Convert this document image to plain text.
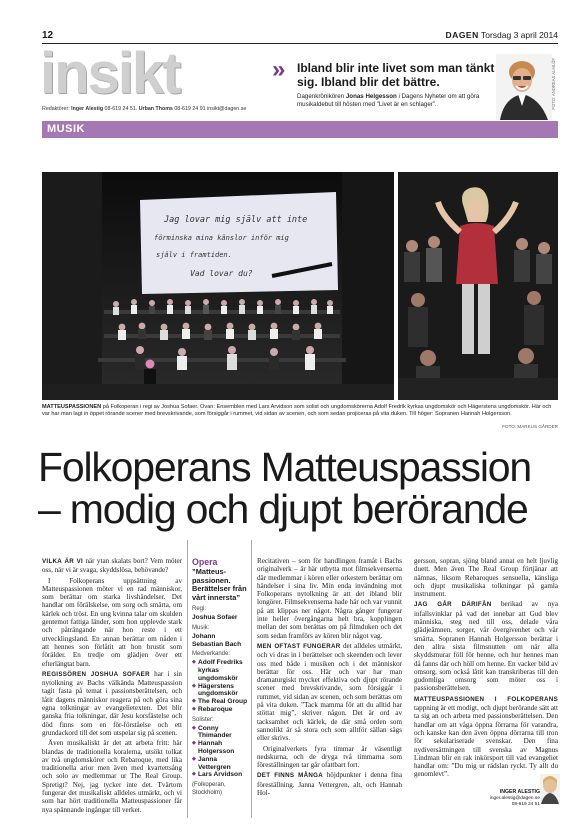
12	DAGEN Torsdag 3 april 2014
insikt
Redaktörer: Inger Alestig 08-619 24 51. Urban Thoms 08-619 24 91 insikt@dagen.se
» Ibland blir inte livet som man tänkt sig. Ibland blir det bättre.
Dagenkrönikören Jonas Helgesson i Dagens Nyheter om att göra musikaldebut till hösten med ”Livet är en schlager”.	FOTO: ANDREAS ALMLÖF
MUSIK
Jag lovar mig själv att inte
förminska mina känslor inför mig
själv i framtiden.
Vad lovar du?
MATTEUSPASSIONEN på Folkoperan i regi av Joshua Sofaer. Ovan: Ensemblen med Lars Arvidson som solist och ungdomskörerna Adolf Fredrik kyrkas ungdomskör och Hägerstens ungdomskör. Här och var har man lagt in öppet rörande scener med brevskrivande, som försiggår i rummet, vid sidan av scenen, och som sedan projiceras på vita duken. Till höger: Sopranen Hannah Holgersson.
FOTO: MARKUS GÅRDER
Folkoperans Matteuspassion
– modig och djupt berörande

VILKA ÄR VI när ytan skalats bort? Vem möter oss, när vi är svaga, skyddslösa, behövande?

I Folkoperans uppsättning av Matteuspassionen möter vi en rad människor, som berättar om starka livshändelser. Det handlar om förälskelse, om sorg och smärta, om kärlek och tröst. En ung kvinna talar om skulden gentemot fattiga länder, som hon upplevde stark och påträngande när hon reste i ett utvecklingsland. En annan berättar om nåden i att hennes son förlåtit att hon brustit som förälder. En tredje om glädjen över ett efterlängtat barn.

REGISSÖREN JOSHUA SOFAER har i sin nytolkning av Bachs välkända Matteuspassion tagit fasta på temat i passionsberättelsen, och låtit dagens människor reagera på och göra sina egna tolkningar av evangelietexten. Det blir ganska fria tolkningar, där Jesu korsfästelse och död finns som en för-förståelse och ett grundackord till det som utspelar sig på scenen.

Även musikaliskt är det att arbeta fritt: här blandas de traditionella koralerna, utsökt tolkat av två ungdomskörer och Rebaroque, med lika traditionella arior men även med kvartettsång och solo av medlemmar ur The Real Group. Spretigt? Nej, jag tycker inte det. Tvärtom fungerar det musikaliskt alldeles utmärkt, och vi som har hört traditionella Matteuspassioner får nya spännande ingångar till verket.

Opera
”Matteus-passionen. Berättelser från vårt innersta”
Regi:
Joshua Sofaer
Musik:
Johann Sebastian Bach
Medverkande:
◆ Adolf Fredriks kyrkas ungdomskör
◆ Hägerstens ungdomskör
◆ The Real Group
◆ Rebaroque
Solister:
◆ Conny Thimander
◆ Hannah Holgersson
◆ Janna Vettergren
◆ Lars Arvidson
(Folkoperan, Stockholm)

Recitativen – som för handlingen framåt i Bachs originalverk – är här utbytta mot filmsekvenserna där medlemmar i kören eller orkestern berättar om händelser i sina liv. Min enda invändning mot Folkoperans nytolkning är att det ibland blir longörer. Filmsekvenserna hade här och var vunnit på att klippas ner något. Några gånger fungerar inte heller övergångarna helt bra, kopplingen mellan det som berättas om på filmduken och det som sedan framförs av kören blir något vag.

MEN OFTAST FUNGERAR det alldeles utmärkt, och vi dras in i berättelser och skeenden och lever oss med både i musiken och i det människor berättar för oss. Här och var har man dramaturgiskt mycket effektiva och djupt rörande scener med brevskrivande, som försiggår i rummet, vid sidan av scenen, och som berättas om på vita duken. ”Tack mamma för att du alltid har stöttat mig”, skriver någon. Det är ord av tacksamhet och kärlek, de där små orden som sannolikt är så stora och som alltför sällan sägs eller skrivs.

Originalverkets fyra timmar är väsentligt nedskurna, och de dryga två timmarna som föreställningen tar går ofattbart fort.

DET FINNS MÅNGA höjdpunkter i denna fina föreställning. Janna Vettergren, alt, och Hannah Hol-

gersson, sopran, sjöng bland annat en helt ljuvlig duett. Men även The Real Group förtjänar att nämnas, liksom Rebaroques sensuella, känsliga och djupt musikaliska tolkningar på gamla instrument.

JAG GÅR DÄRIFÅN berikad av nya infallsvinklar på vad det innebar att Gud blev människa, steg ned till oss, delade våra glädjeämnen, sorger, vår övergivenhet och vår smärta. Sopranen Hannah Holgersson berättar i den allra sista filmsnutten om när alla skyddsmurar föll för henne, och hur hennes man då fanns där och höll om henne. En vacker bild av omsorg, som också låtit kan transkriberas till den gudomliga omsorg som möter oss i passionsberättelsen.

MATTEUSPASSIONEN I FOLKOPERANS tappning är ett modigt, och djupt berörande sätt att ta sig an och arbeta med passionsberättelsen. Den handlar om att våga öppna förrarna för varandra, och kanske kan den även öppna dörrarna till tron för sekulariserade svenskar. Den fina nydiversättningen till svenska av Magnus Lindman blir en rak inkörsport till vad evangeliet handlar om: ”Du mig ur rädslan ryckt. Ty allt du genomlevt”.

INGER ALESTIG
inger.alestig@dagen.se
08-619 24 51
